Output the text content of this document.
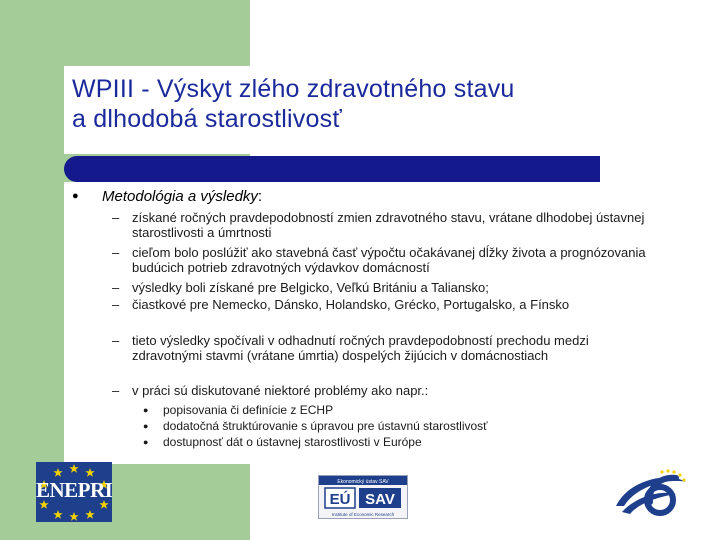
WPIII - Výskyt zlého zdravotného stavu
a dlhodobá starostlivosť
● Metodológia a výsledky:
– získané ročných pravdepodobností zmien zdravotného stavu, vrátane dlhodobej ústavnej starostlivosti a úmrtnosti
– cieľom bolo poslúžiť ako stavebná časť výpočtu očakávanej dĺžky života a prognózovania budúcich potrieb zdravotných výdavkov domácností
– výsledky boli získané pre Belgicko, Veľkú Britániu a Taliansko;
– čiastkové pre Nemecko, Dánsko, Holandsko, Grécko, Portugalsko, a Fínsko
– tieto výsledky spočívali v odhadnutí ročných pravdepodobností prechodu medzi zdravotnými stavmi (vrátane úmrtia) dospelých žijúcich v domácnostiach
– v práci sú diskutované niektoré problémy ako napr.:
● popisovania či definície z ECHP
● dodatočná štruktúrovanie s úpravou pre ústavnú starostlivosť
● dostupnosť dát o ústavnej starostlivosti v Európe
ENEPRI	Ekonomický ústav SAV
EÚ SAV
Institute of Economic Research
